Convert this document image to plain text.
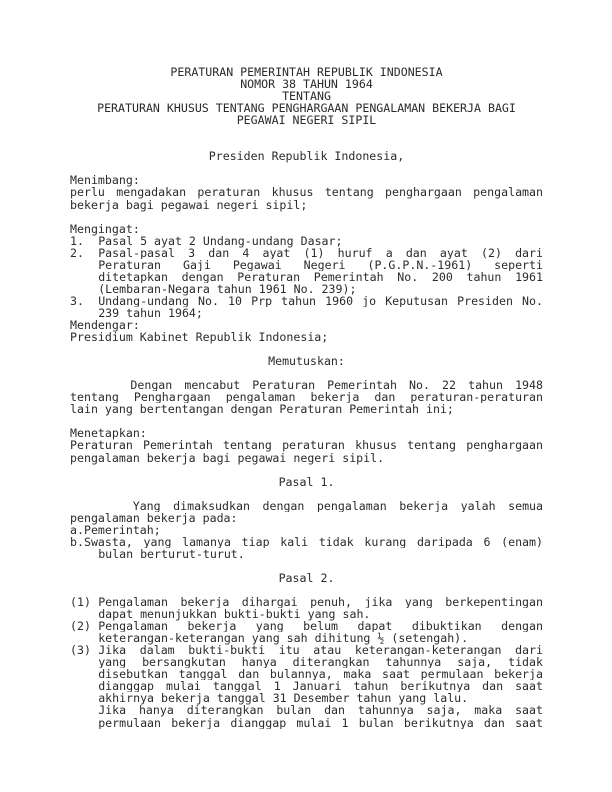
PERATURAN PEMERINTAH REPUBLIK INDONESIA
NOMOR 38 TAHUN 1964
TENTANG
PERATURAN KHUSUS TENTANG PENGHARGAAN PENGALAMAN BEKERJA BAGI
PEGAWAI NEGERI SIPIL
Presiden Republik Indonesia,
Menimbang:
perlu mengadakan peraturan khusus tentang penghargaan pengalaman
bekerja bagi pegawai negeri sipil;
Mengingat:
1. Pasal 5 ayat 2 Undang-undang Dasar;
2. Pasal-pasal 3 dan 4 ayat (1) huruf a dan ayat (2) dari
Peraturan Gaji Pegawai Negeri (P.G.P.N.-1961) seperti
ditetapkan dengan Peraturan Pemerintah No. 200 tahun 1961
(Lembaran-Negara tahun 1961 No. 239);
3. Undang-undang No. 10 Prp tahun 1960 jo Keputusan Presiden No.
239 tahun 1964;
Mendengar:
Presidium Kabinet Republik Indonesia;
Memutuskan:
Dengan mencabut Peraturan Pemerintah No. 22 tahun 1948
tentang Penghargaan pengalaman bekerja dan peraturan-peraturan
lain yang bertentangan dengan Peraturan Pemerintah ini;
Menetapkan:
Peraturan Pemerintah tentang peraturan khusus tentang penghargaan
pengalaman bekerja bagi pegawai negeri sipil.
Pasal 1.
Yang dimaksudkan dengan pengalaman bekerja yalah semua
pengalaman bekerja pada:
a.Pemerintah;
b.Swasta, yang lamanya tiap kali tidak kurang daripada 6 (enam)
bulan berturut-turut.
Pasal 2.
(1) Pengalaman bekerja dihargai penuh, jika yang berkepentingan
dapat menunjukkan bukti-bukti yang sah.
(2) Pengalaman bekerja yang belum dapat dibuktikan dengan
keterangan-keterangan yang sah dihitung ½ (setengah).
(3) Jika dalam bukti-bukti itu atau keterangan-keterangan dari
yang bersangkutan hanya diterangkan tahunnya saja, tidak
disebutkan tanggal dan bulannya, maka saat permulaan bekerja
dianggap mulai tanggal 1 Januari tahun berikutnya dan saat
akhirnya bekerja tanggal 31 Desember tahun yang lalu.
Jika hanya diterangkan bulan dan tahunnya saja, maka saat
permulaan bekerja dianggap mulai 1 bulan berikutnya dan saat
